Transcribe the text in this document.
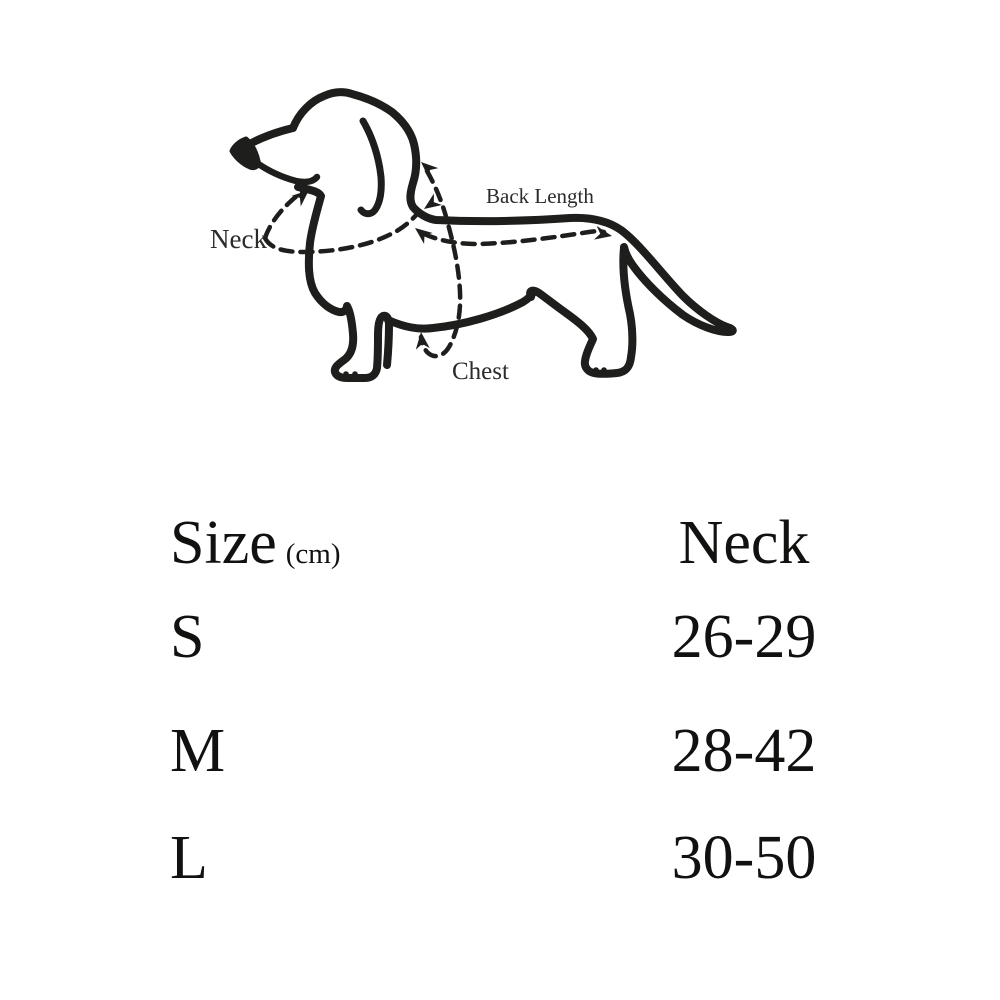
Neck
Back Length
Chest
Size (cm)	Neck
S	26-29
M	28-42
L	30-50
